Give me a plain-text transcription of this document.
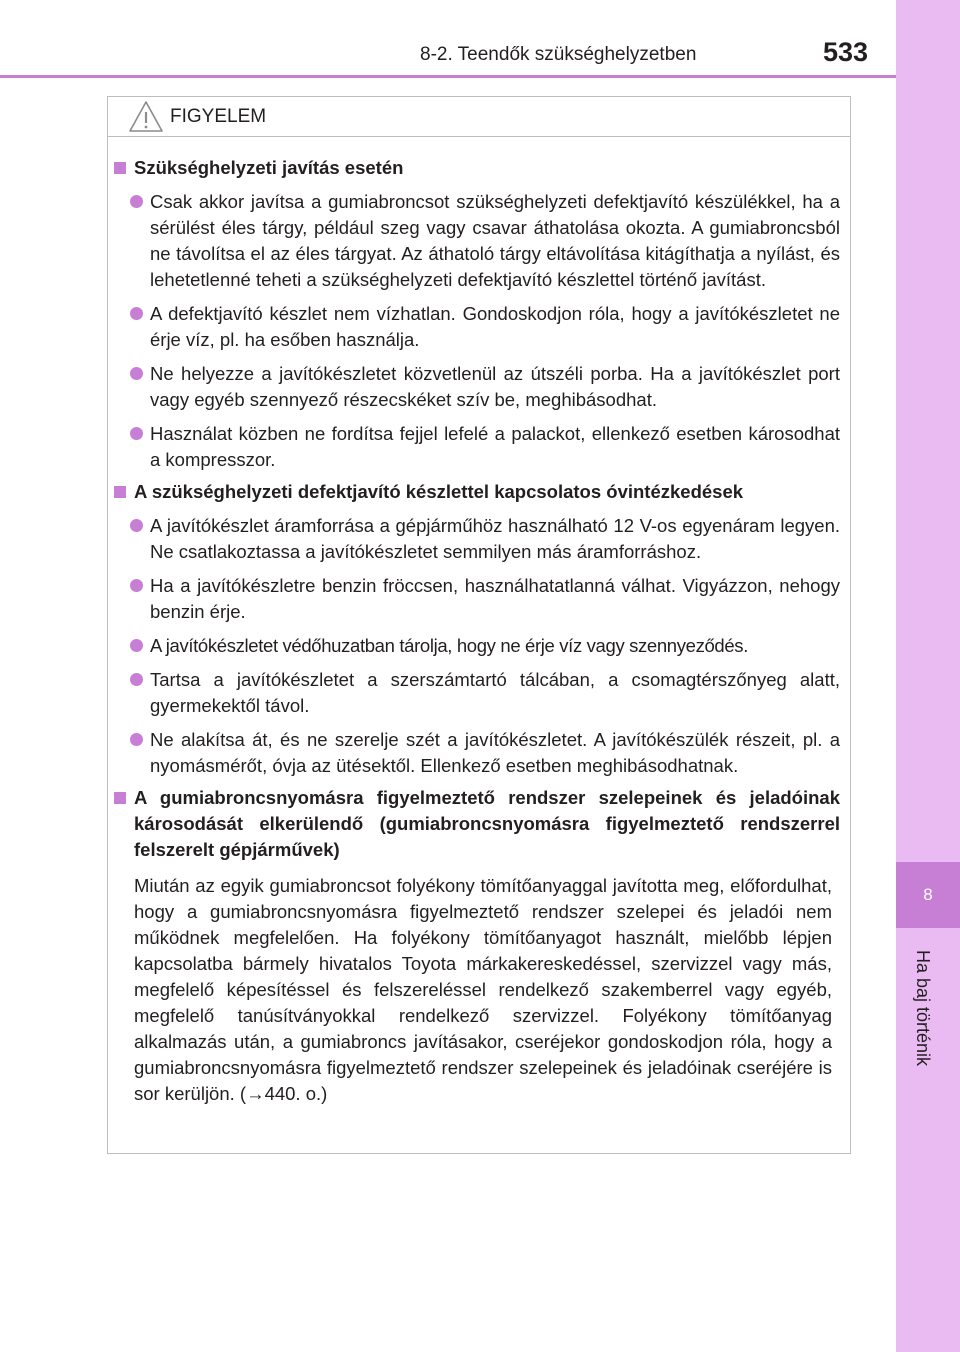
8-2. Teendők szükséghelyzetben	533
8
Ha baj történik
FIGYELEM
Szükséghelyzeti javítás esetén
Csak akkor javítsa a gumiabroncsot szükséghelyzeti defektjavító készülékkel, ha a sérülést éles tárgy, például szeg vagy csavar áthatolása okozta. A gumiabroncsból ne távolítsa el az éles tárgyat. Az áthatoló tárgy eltávolítása kitágíthatja a nyílást, és lehetetlenné teheti a szükséghelyzeti defektjavító készlettel történő javítást.
A defektjavító készlet nem vízhatlan. Gondoskodjon róla, hogy a javítókészletet ne érje víz, pl. ha esőben használja.
Ne helyezze a javítókészletet közvetlenül az útszéli porba. Ha a javítókészlet port vagy egyéb szennyező részecskéket szív be, meghibásodhat.
Használat közben ne fordítsa fejjel lefelé a palackot, ellenkező esetben károsodhat a kompresszor.
A szükséghelyzeti defektjavító készlettel kapcsolatos óvintézkedések
A javítókészlet áramforrása a gépjárműhöz használható 12 V-os egyenáram legyen. Ne csatlakoztassa a javítókészletet semmilyen más áramforráshoz.
Ha a javítókészletre benzin fröccsen, használhatatlanná válhat. Vigyázzon, nehogy benzin érje.
A javítókészletet védőhuzatban tárolja, hogy ne érje víz vagy szennyeződés.
Tartsa a javítókészletet a szerszámtartó tálcában, a csomagtérszőnyeg alatt, gyermekektől távol.
Ne alakítsa át, és ne szerelje szét a javítókészletet. A javítókészülék részeit, pl. a nyomásmérőt, óvja az ütésektől. Ellenkező esetben meghibásodhatnak.
A gumiabroncsnyomásra figyelmeztető rendszer szelepeinek és jeladóinak károsodását elkerülendő (gumiabroncsnyomásra figyelmeztető rendszerrel felszerelt gépjárművek)
Miután az egyik gumiabroncsot folyékony tömítőanyaggal javította meg, előfordulhat, hogy a gumiabroncsnyomásra figyelmeztető rendszer szelepei és jeladói nem működnek megfelelően. Ha folyékony tömítőanyagot használt, mielőbb lépjen kapcsolatba bármely hivatalos Toyota márkakereskedéssel, szervizzel vagy más, megfelelő képesítéssel és felszereléssel rendelkező szakemberrel vagy egyéb, megfelelő tanúsítványokkal rendelkező szervizzel. Folyékony tömítőanyag alkalmazás után, a gumiabroncs javításakor, cseréjekor gondoskodjon róla, hogy a gumiabroncsnyomásra figyelmeztető rendszer szelepeinek és jeladóinak cseréjére is sor kerüljön. (→440. o.)
